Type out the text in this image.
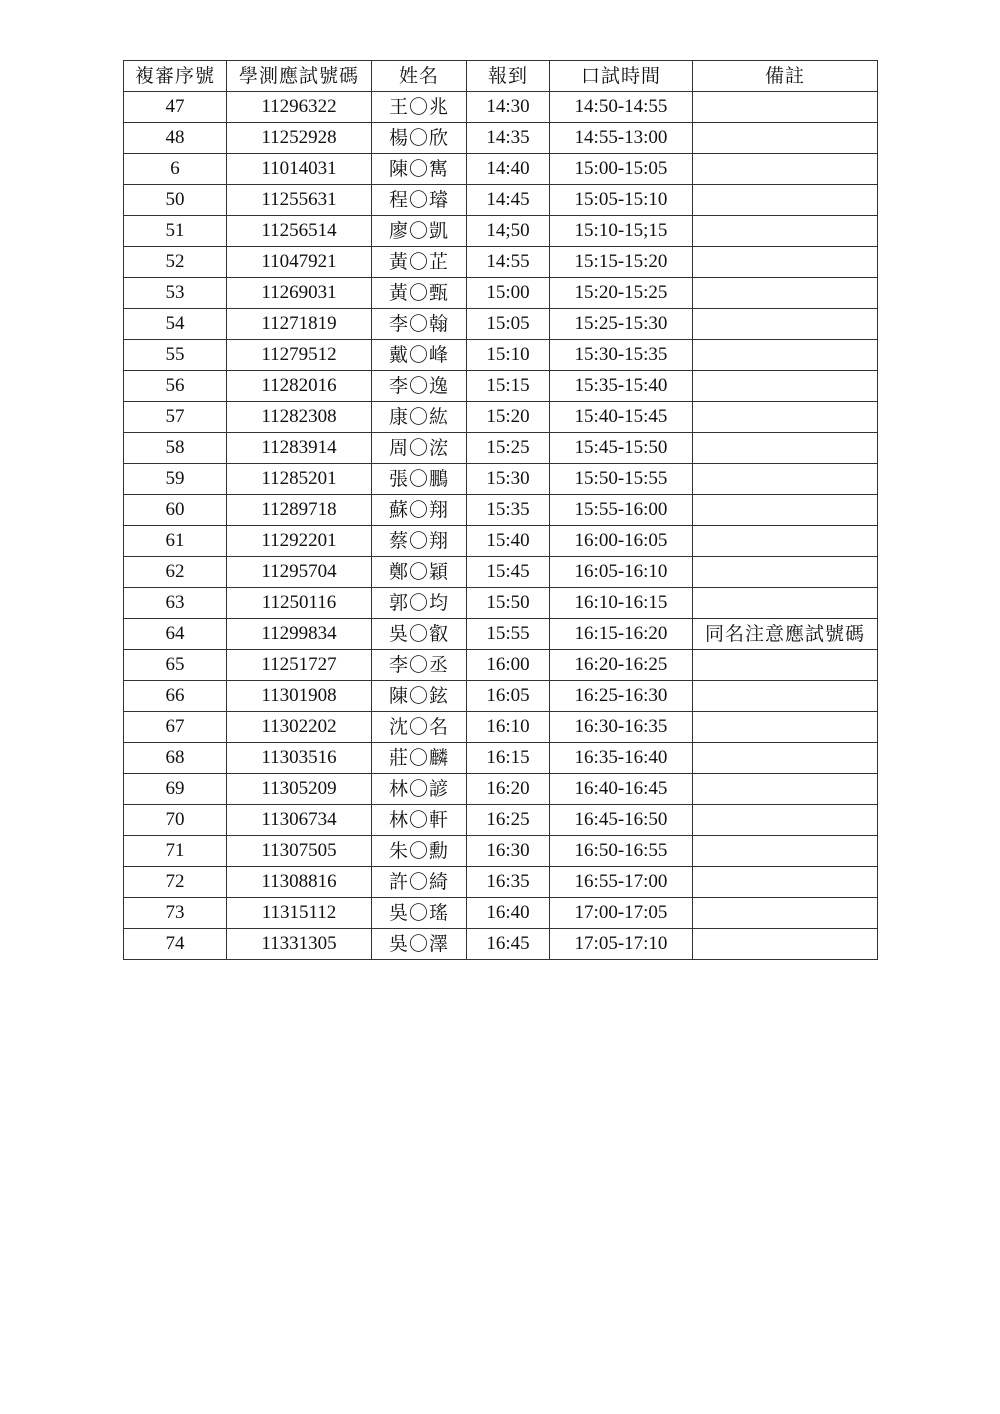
複審序號	學測應試號碼	姓名	報到	口試時間	備註
47	11296322	王〇兆	14:30	14:50-14:55	
48	11252928	楊〇欣	14:35	14:55-13:00	
6	11014031	陳〇寯	14:40	15:00-15:05	
50	11255631	程〇璿	14:45	15:05-15:10	
51	11256514	廖〇凱	14;50	15:10-15;15	
52	11047921	黃〇芷	14:55	15:15-15:20	
53	11269031	黃〇甄	15:00	15:20-15:25	
54	11271819	李〇翰	15:05	15:25-15:30	
55	11279512	戴〇峰	15:10	15:30-15:35	
56	11282016	李〇逸	15:15	15:35-15:40	
57	11282308	康〇紘	15:20	15:40-15:45	
58	11283914	周〇浤	15:25	15:45-15:50	
59	11285201	張〇鵬	15:30	15:50-15:55	
60	11289718	蘇〇翔	15:35	15:55-16:00	
61	11292201	蔡〇翔	15:40	16:00-16:05	
62	11295704	鄭〇穎	15:45	16:05-16:10	
63	11250116	郭〇均	15:50	16:10-16:15	
64	11299834	吳〇叡	15:55	16:15-16:20	同名注意應試號碼
65	11251727	李〇丞	16:00	16:20-16:25	
66	11301908	陳〇鉉	16:05	16:25-16:30	
67	11302202	沈〇名	16:10	16:30-16:35	
68	11303516	莊〇麟	16:15	16:35-16:40	
69	11305209	林〇諺	16:20	16:40-16:45	
70	11306734	林〇軒	16:25	16:45-16:50	
71	11307505	朱〇勳	16:30	16:50-16:55	
72	11308816	許〇綺	16:35	16:55-17:00	
73	11315112	吳〇瑤	16:40	17:00-17:05	
74	11331305	吳〇澤	16:45	17:05-17:10	
